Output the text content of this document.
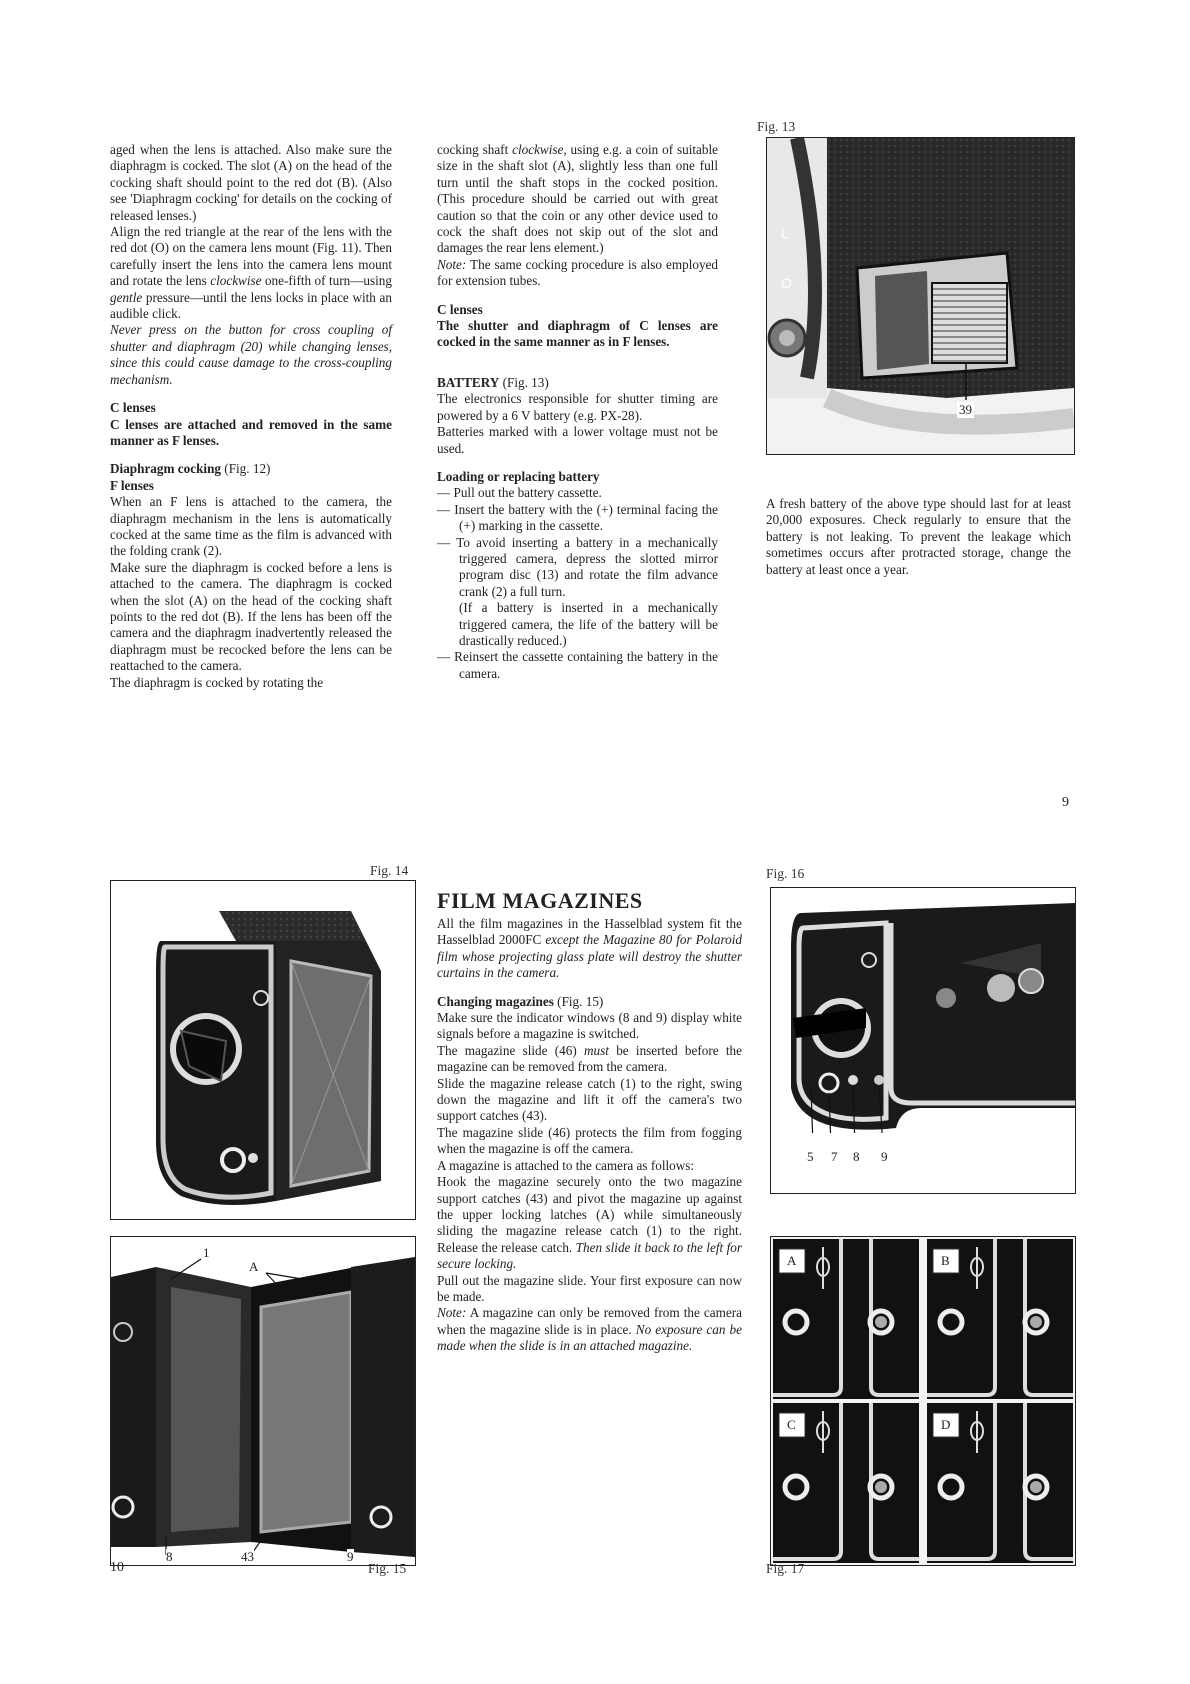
aged when the lens is attached. Also make sure the diaphragm is cocked. The slot (A) on the head of the cocking shaft should point to the red dot (B). (Also see 'Diaphragm cocking' for details on the cocking of released lenses.)

Align the red triangle at the rear of the lens with the red dot (O) on the camera lens mount (Fig. 11). Then carefully insert the lens into the camera lens mount and rotate the lens clockwise one-fifth of turn—using gentle pressure—until the lens locks in place with an audible click.

Never press on the button for cross coupling of shutter and diaphragm (20) while changing lenses, since this could cause damage to the cross-coupling mechanism.

C lenses

C lenses are attached and removed in the same manner as F lenses.

Diaphragm cocking (Fig. 12)
F lenses

When an F lens is attached to the camera, the diaphragm mechanism in the lens is automatically cocked at the same time as the film is advanced with the folding crank (2).

Make sure the diaphragm is cocked before a lens is attached to the camera. The diaphragm is cocked when the slot (A) on the head of the cocking shaft points to the red dot (B). If the lens has been off the camera and the diaphragm inadvertently released the diaphragm must be recocked before the lens can be reattached to the camera.

The diaphragm is cocked by rotating the

cocking shaft clockwise, using e.g. a coin of suitable size in the shaft slot (A), slightly less than one full turn until the shaft stops in the cocked position. (This procedure should be carried out with great caution so that the coin or any other device used to cock the shaft does not skip out of the slot and damages the rear lens element.)

Note: The same cocking procedure is also employed for extension tubes.

C lenses

The shutter and diaphragm of C lenses are cocked in the same manner as in F lenses.

BATTERY (Fig. 13)

The electronics responsible for shutter timing are powered by a 6 V battery (e.g. PX-28).

Batteries marked with a lower voltage must not be used.

Loading or replacing battery

— Pull out the battery cassette.

— Insert the battery with the (+) terminal facing the (+) marking in the cassette.

— To avoid inserting a battery in a mechanically triggered camera, depress the slotted mirror program disc (13) and rotate the film advance crank (2) a full turn.

(If a battery is inserted in a mechanically triggered camera, the life of the battery will be drastically reduced.)

— Reinsert the cassette containing the battery in the camera.

Fig. 13
L
O
39

A fresh battery of the above type should last for at least 20,000 exposures. Check regularly to ensure that the battery is not leaking. To prevent the leakage which sometimes occurs after protracted storage, change the battery at least once a year.

9
Fig. 14
1
A
8	43	9
10	Fig. 15
FILM MAGAZINES

All the film magazines in the Hasselblad system fit the Hasselblad 2000FC except the Magazine 80 for Polaroid film whose projecting glass plate will destroy the shutter curtains in the camera.

Changing magazines (Fig. 15)

Make sure the indicator windows (8 and 9) display white signals before a magazine is switched.

The magazine slide (46) must be inserted before the magazine can be removed from the camera.

Slide the magazine release catch (1) to the right, swing down the magazine and lift it off the camera's two support catches (43).

The magazine slide (46) protects the film from fogging when the magazine is off the camera.

A magazine is attached to the camera as follows:

Hook the magazine securely onto the two magazine support catches (43) and pivot the magazine up against the upper locking latches (A) while simultaneously sliding the magazine release catch (1) to the right. Release the release catch. Then slide it back to the left for secure locking.

Pull out the magazine slide. Your first exposure can now be made.

Note: A magazine can only be removed from the camera when the magazine slide is in place. No exposure can be made when the slide is in an attached magazine.

Fig. 16
5 7 8 9
A	B
C	D
Fig. 17
